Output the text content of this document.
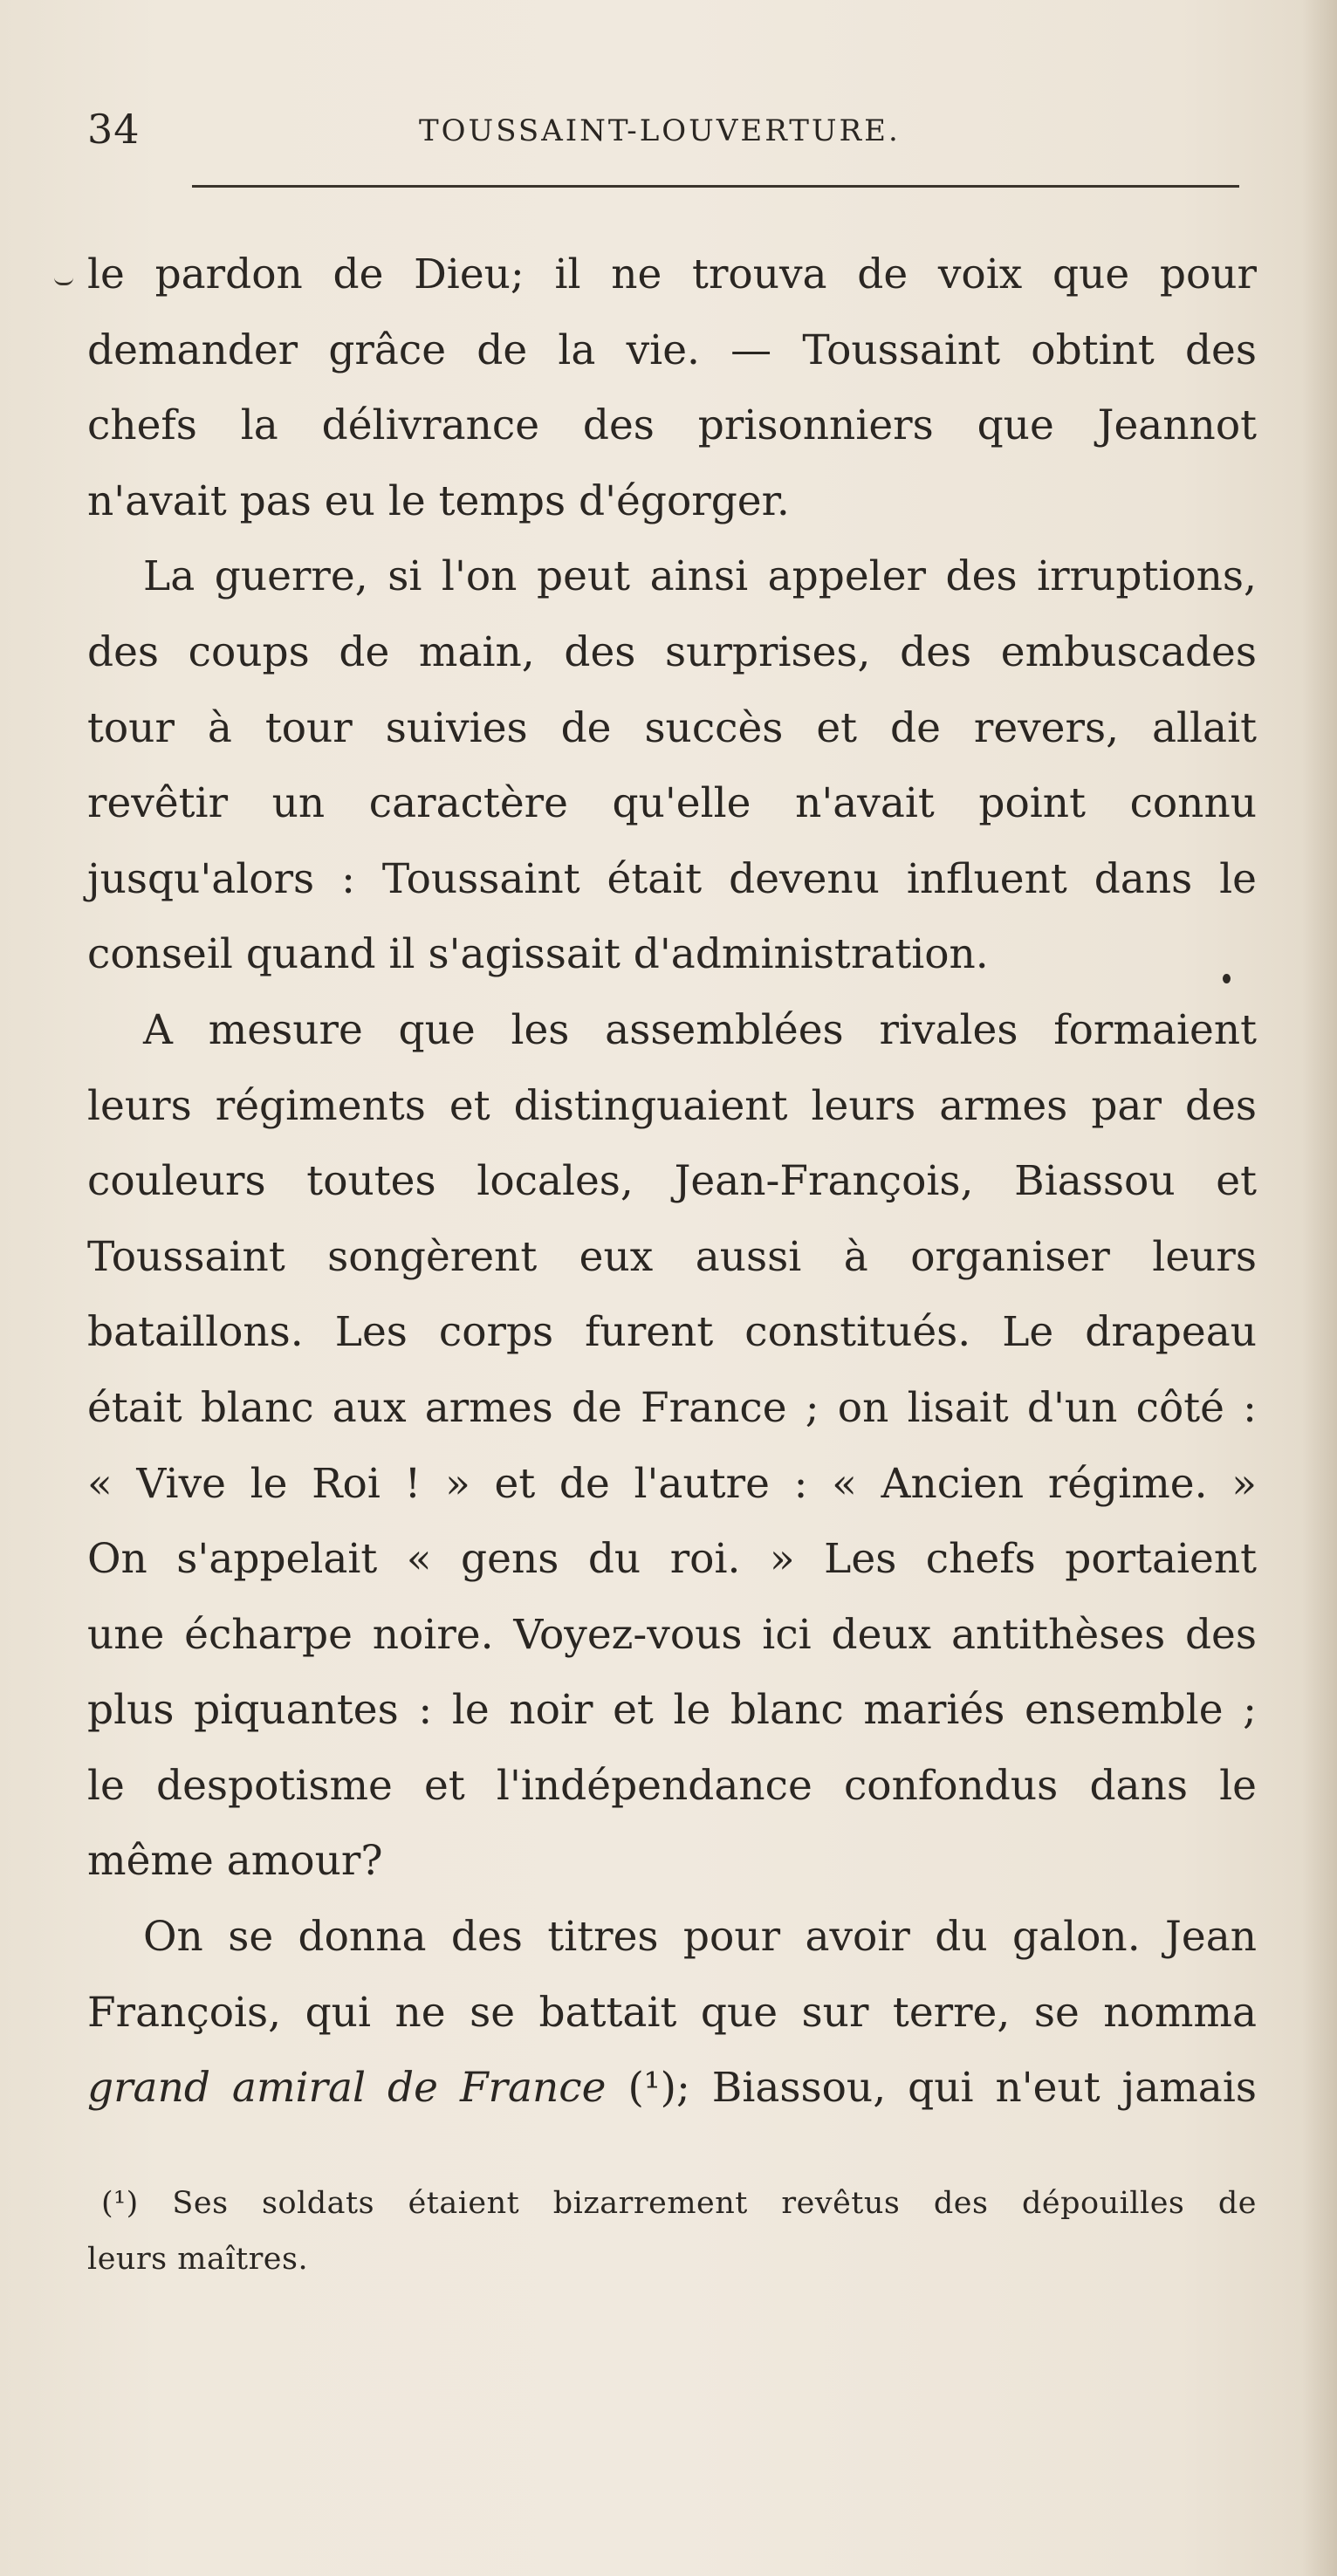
34	TOUSSAINT-LOUVERTURE.
le pardon de Dieu; il ne trouva de voix que pour
demander grâce de la vie. — Toussaint obtint des
chefs la délivrance des prisonniers que Jeannot
n'avait pas eu le temps d'égorger.
La guerre, si l'on peut ainsi appeler des irruptions,
des coups de main, des surprises, des embuscades
tour à tour suivies de succès et de revers, allait
revêtir un caractère qu'elle n'avait point connu
jusqu'alors : Toussaint était devenu influent dans le
conseil quand il s'agissait d'administration.
A mesure que les assemblées rivales formaient
leurs régiments et distinguaient leurs armes par des
couleurs toutes locales, Jean-François, Biassou et
Toussaint songèrent eux aussi à organiser leurs
bataillons. Les corps furent constitués. Le drapeau
était blanc aux armes de France ; on lisait d'un côté :
« Vive le Roi ! » et de l'autre : « Ancien régime. »
On s'appelait « gens du roi. » Les chefs portaient
une écharpe noire. Voyez-vous ici deux antithèses des
plus piquantes : le noir et le blanc mariés ensemble ;
le despotisme et l'indépendance confondus dans le
même amour?
On se donna des titres pour avoir du galon. Jean
François, qui ne se battait que sur terre, se nomma
grand amiral de France (¹); Biassou, qui n'eut jamais
(¹) Ses soldats étaient bizarrement revêtus des dépouilles de
leurs maîtres.
